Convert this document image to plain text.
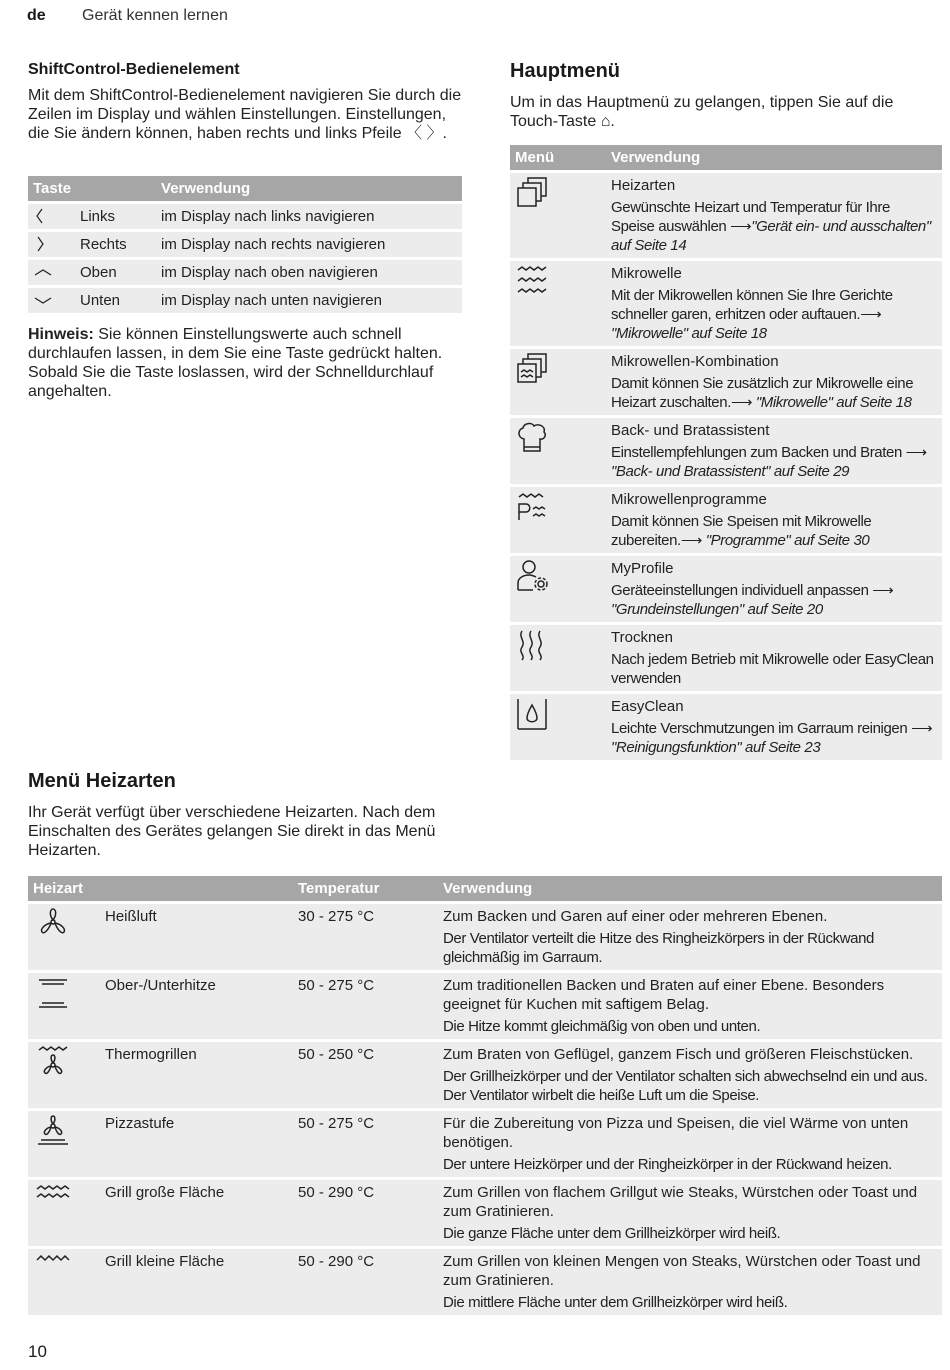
de Gerät kennen lernen
ShiftControl-Bedienelement
Mit dem ShiftControl-Bedienelement navigieren Sie durch die Zeilen im Display und wählen Einstellungen. Einstellungen, die Sie ändern können, haben rechts und links Pfeile 〈 〉.
Taste		Verwendung

	Links	im Display nach links navigieren

	Rechts	im Display nach rechts navigieren

	Oben	im Display nach oben navigieren

	Unten	im Display nach unten navigieren
Hinweis: Sie können Einstellungswerte auch schnell durchlaufen lassen, in dem Sie eine Taste gedrückt halten. Sobald Sie die Taste loslassen, wird der Schnelldurchlauf angehalten.
Hauptmenü
Um in das Hauptmenü zu gelangen, tippen Sie auf die Touch-Taste ⌂.
Menü	Verwendung

Heizarten
Gewünschte Heizart und Temperatur für Ihre Speise auswählen ⟶"Gerät ein- und ausschalten" auf Seite 14

Mikrowelle
Mit der Mikrowellen können Sie Ihre Gerichte schneller garen, erhitzen oder auftauen.⟶ "Mikrowelle" auf Seite 18

Mikrowellen-Kombination
Damit können Sie zusätzlich zur Mikrowelle eine Heizart zuschalten.⟶ "Mikrowelle" auf Seite 18

Back- und Bratassistent
Einstellempfehlungen zum Backen und Braten ⟶ "Back- und Bratassistent" auf Seite 29

Mikrowellenprogramme
Damit können Sie Speisen mit Mikrowelle zubereiten.⟶ "Programme" auf Seite 30

MyProfile
Geräteeinstellungen individuell anpassen ⟶ "Grundeinstellungen" auf Seite 20

Trocknen
Nach jedem Betrieb mit Mikrowelle oder EasyClean verwenden

EasyClean
Leichte Verschmutzungen im Garraum reinigen ⟶ "Reinigungsfunktion" auf Seite 23
Menü Heizarten
Ihr Gerät verfügt über verschiedene Heizarten. Nach dem Einschalten des Gerätes gelangen Sie direkt in das Menü Heizarten.
Heizart		Temperatur	Verwendung

	Heißluft	30 - 275 °C	Zum Backen und Garen auf einer oder mehreren Ebenen.
Der Ventilator verteilt die Hitze des Ringheizkörpers in der Rückwand gleichmäßig im Garraum.

	Ober-/Unterhitze	50 - 275 °C	Zum traditionellen Backen und Braten auf einer Ebene. Besonders geeignet für Kuchen mit saftigem Belag.
Die Hitze kommt gleichmäßig von oben und unten.

	Thermogrillen	50 - 250 °C	Zum Braten von Geflügel, ganzem Fisch und größeren Fleischstücken.
Der Grillheizkörper und der Ventilator schalten sich abwechselnd ein und aus. Der Ventilator wirbelt die heiße Luft um die Speise.

	Pizzastufe	50 - 275 °C	Für die Zubereitung von Pizza und Speisen, die viel Wärme von unten benötigen.
Der untere Heizkörper und der Ringheizkörper in der Rückwand heizen.

	Grill große Fläche	50 - 290 °C	Zum Grillen von flachem Grillgut wie Steaks, Würstchen oder Toast und zum Gratinieren.
Die ganze Fläche unter dem Grillheizkörper wird heiß.

	Grill kleine Fläche	50 - 290 °C	Zum Grillen von kleinen Mengen von Steaks, Würstchen oder Toast und zum Gratinieren.
Die mittlere Fläche unter dem Grillheizkörper wird heiß.
10
